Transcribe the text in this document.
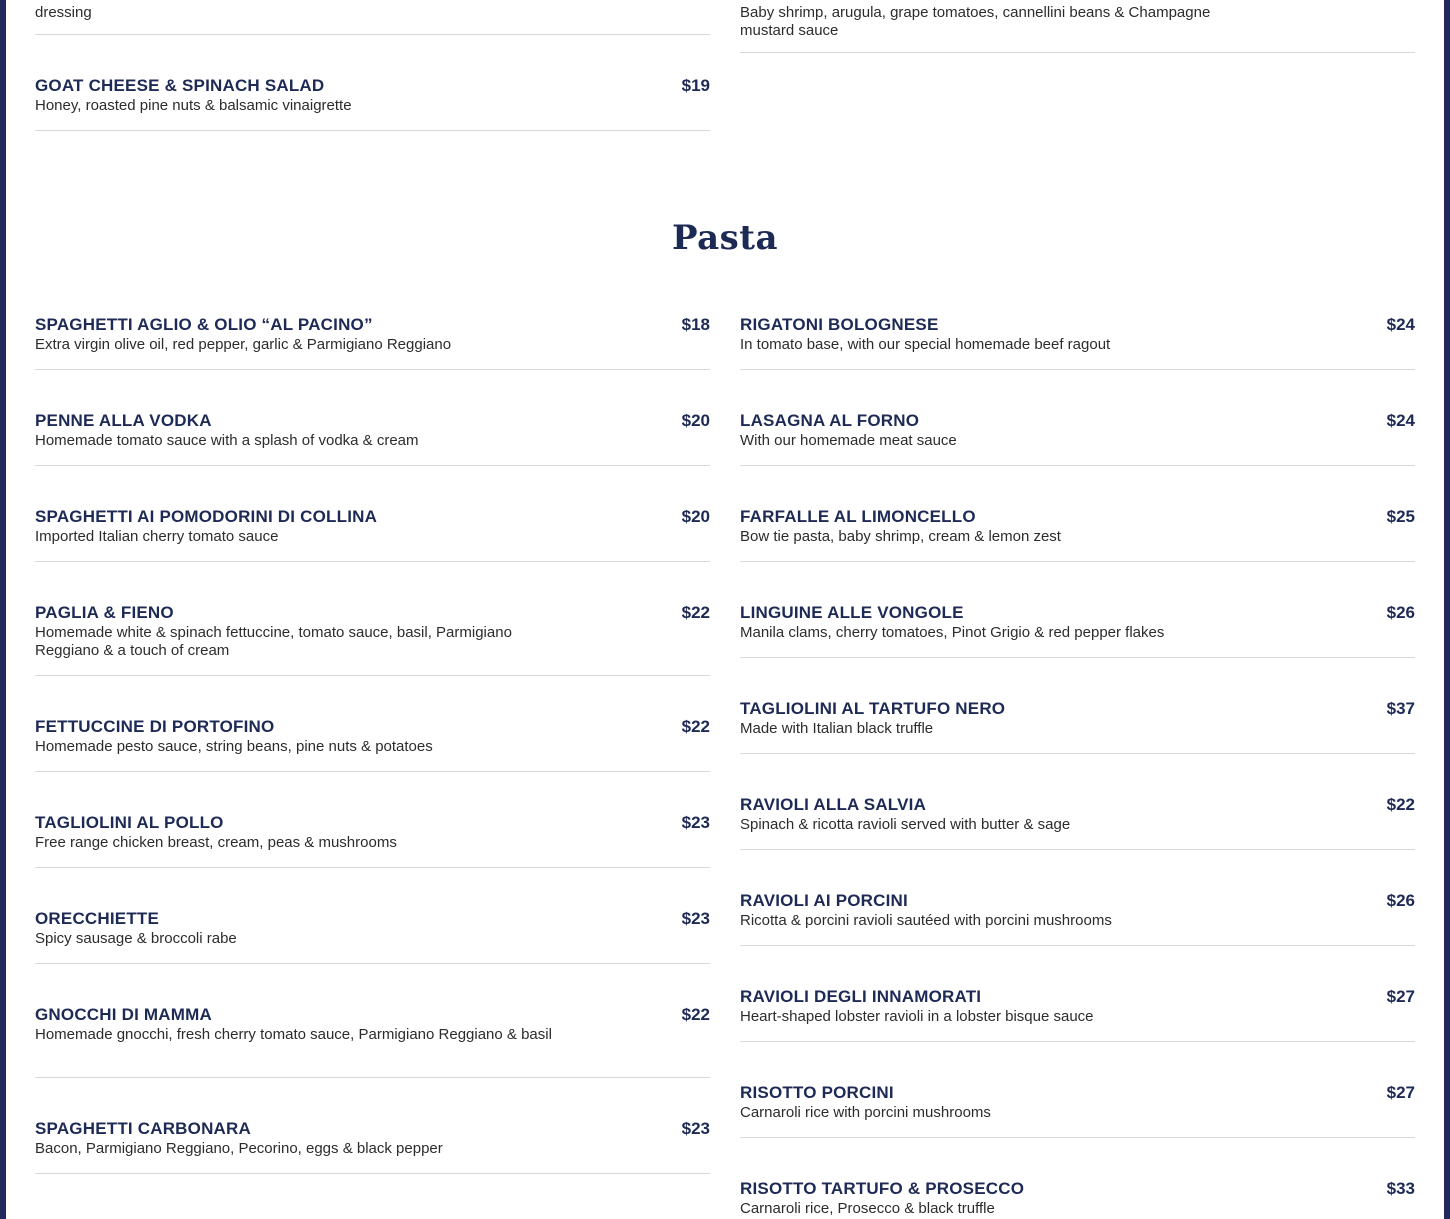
dressing
GOAT CHEESE & SPINACH SALAD	$19
Honey, roasted pine nuts & balsamic vinaigrette
Baby shrimp, arugula, grape tomatoes, cannellini beans & Champagne mustard sauce
Pasta
SPAGHETTI AGLIO & OLIO “AL PACINO”	$18
Extra virgin olive oil, red pepper, garlic & Parmigiano Reggiano
PENNE ALLA VODKA	$20
Homemade tomato sauce with a splash of vodka & cream
SPAGHETTI AI POMODORINI DI COLLINA	$20
Imported Italian cherry tomato sauce
PAGLIA & FIENO	$22
Homemade white & spinach fettuccine, tomato sauce, basil, Parmigiano Reggiano & a touch of cream
FETTUCCINE DI PORTOFINO	$22
Homemade pesto sauce, string beans, pine nuts & potatoes
TAGLIOLINI AL POLLO	$23
Free range chicken breast, cream, peas & mushrooms
ORECCHIETTE	$23
Spicy sausage & broccoli rabe
GNOCCHI DI MAMMA	$22
Homemade gnocchi, fresh cherry tomato sauce, Parmigiano Reggiano & basil
SPAGHETTI CARBONARA	$23
Bacon, Parmigiano Reggiano, Pecorino, eggs & black pepper
RIGATONI BOLOGNESE	$24
In tomato base, with our special homemade beef ragout
LASAGNA AL FORNO	$24
With our homemade meat sauce
FARFALLE AL LIMONCELLO	$25
Bow tie pasta, baby shrimp, cream & lemon zest
LINGUINE ALLE VONGOLE	$26
Manila clams, cherry tomatoes, Pinot Grigio & red pepper flakes
TAGLIOLINI AL TARTUFO NERO	$37
Made with Italian black truffle
RAVIOLI ALLA SALVIA	$22
Spinach & ricotta ravioli served with butter & sage
RAVIOLI AI PORCINI	$26
Ricotta & porcini ravioli sautéed with porcini mushrooms
RAVIOLI DEGLI INNAMORATI	$27
Heart-shaped lobster ravioli in a lobster bisque sauce
RISOTTO PORCINI	$27
Carnaroli rice with porcini mushrooms
RISOTTO TARTUFO & PROSECCO	$33
Carnaroli rice, Prosecco & black truffle
